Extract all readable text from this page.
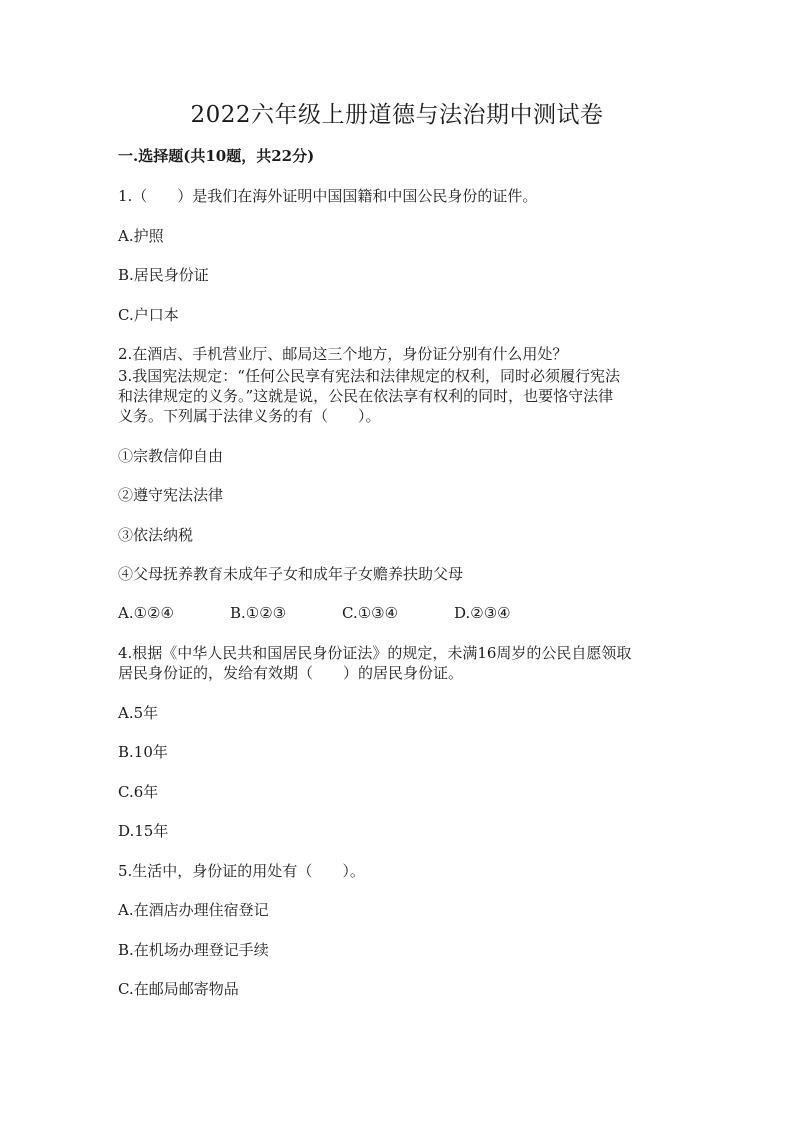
2022六年级上册道德与法治期中测试卷
一.选择题(共10题，共22分)
1.（　　）是我们在海外证明中国国籍和中国公民身份的证件。
A.护照
B.居民身份证
C.户口本
2.在酒店、手机营业厅、邮局这三个地方，身份证分别有什么用处？
3.我国宪法规定：“任何公民享有宪法和法律规定的权利，同时必须履行宪法
和法律规定的义务。”这就是说，公民在依法享有权利的同时，也要恪守法律
义务。下列属于法律义务的有（　　）。
①宗教信仰自由
②遵守宪法法律
③依法纳税
④父母抚养教育未成年子女和成年子女赡养扶助父母
A.①②④	B.①②③	C.①③④	D.②③④
4.根据《中华人民共和国居民身份证法》的规定，未满16周岁的公民自愿领取
居民身份证的，发给有效期（　　）的居民身份证。
A.5年
B.10年
C.6年
D.15年
5.生活中，身份证的用处有（　　）。
A.在酒店办理住宿登记
B.在机场办理登记手续
C.在邮局邮寄物品
